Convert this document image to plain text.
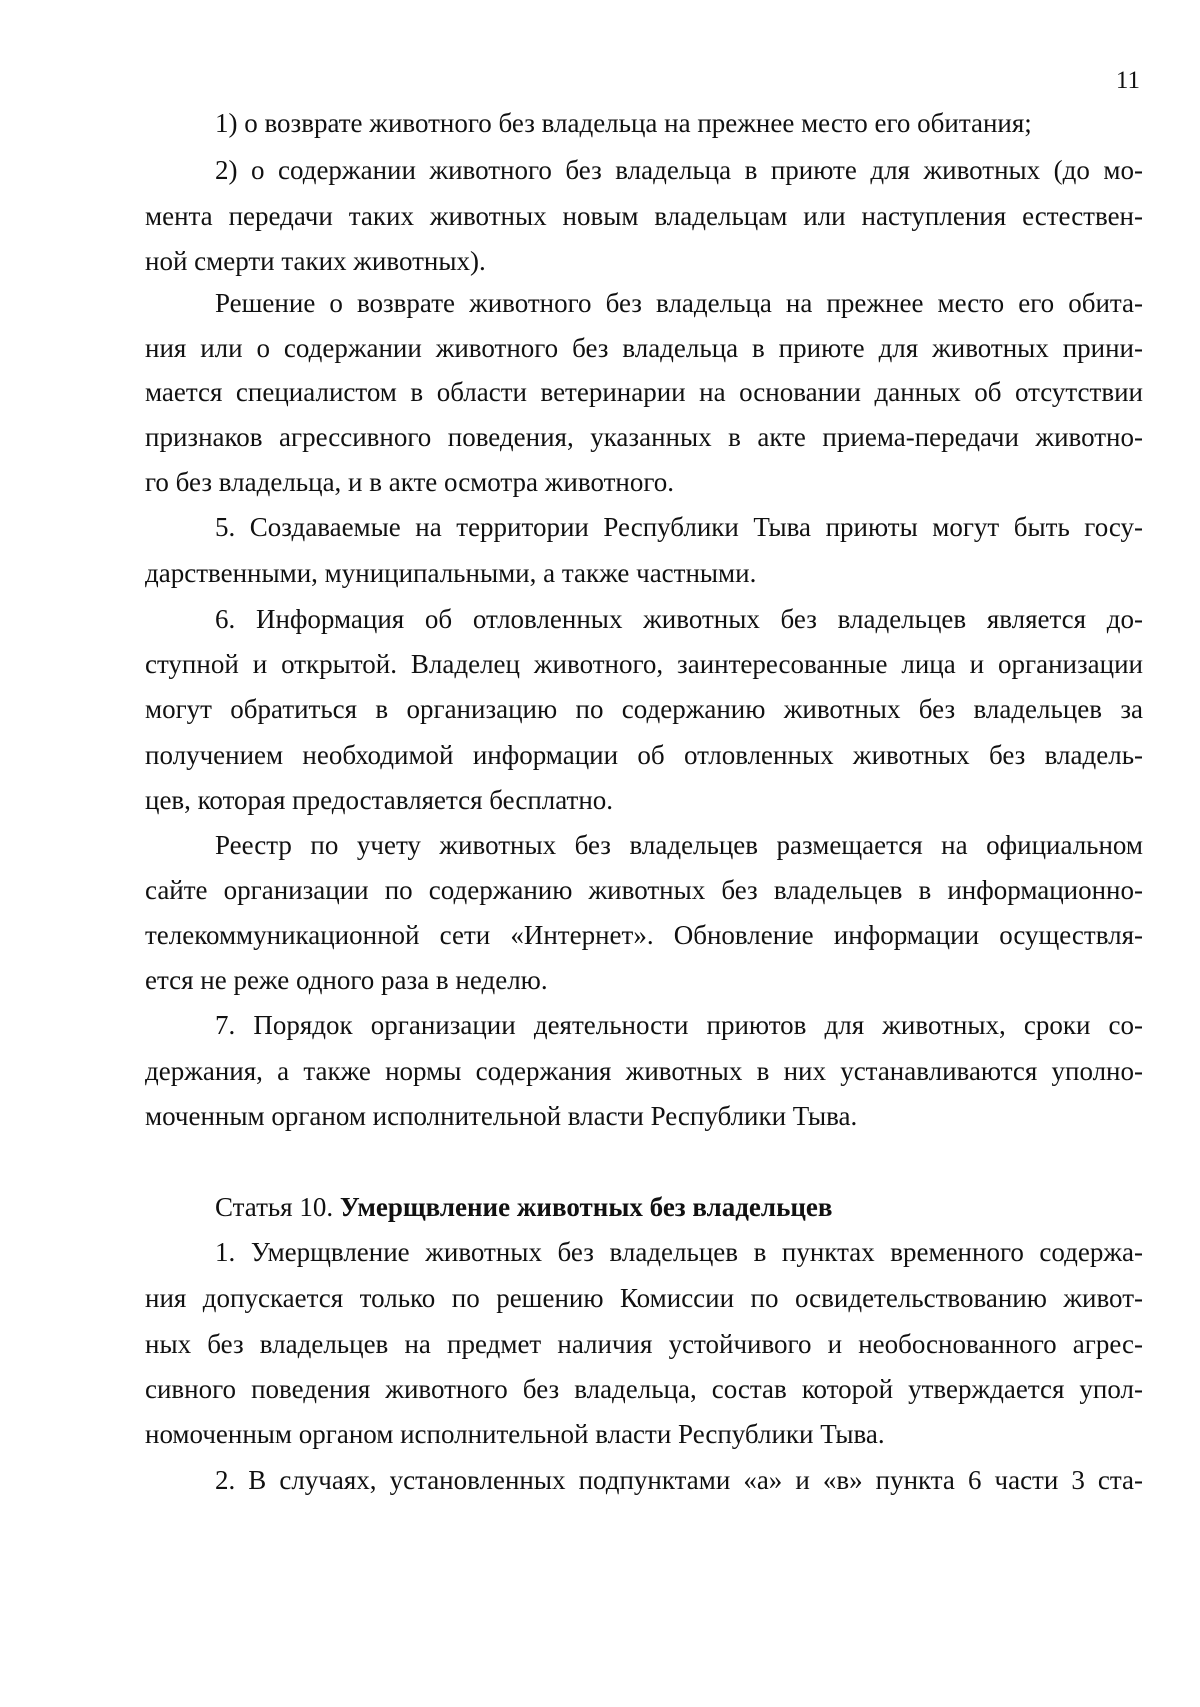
11
1) о возврате животного без владельца на прежнее место его обитания;
2) о содержании животного без владельца в приюте для животных (до мо-
мента передачи таких животных новым владельцам или наступления естествен-
ной смерти таких животных).
Решение о возврате животного без владельца на прежнее место его обита-
ния или о содержании животного без владельца в приюте для животных прини-
мается специалистом в области ветеринарии на основании данных об отсутствии
признаков агрессивного поведения, указанных в акте приема-передачи животно-
го без владельца, и в акте осмотра животного.
5. Создаваемые на территории Республики Тыва приюты могут быть госу-
дарственными, муниципальными, а также частными.
6. Информация об отловленных животных без владельцев является до-
ступной и открытой. Владелец животного, заинтересованные лица и организации
могут обратиться в организацию по содержанию животных без владельцев за
получением необходимой информации об отловленных животных без владель-
цев, которая предоставляется бесплатно.
Реестр по учету животных без владельцев размещается на официальном
сайте организации по содержанию животных без владельцев в информационно-
телекоммуникационной сети «Интернет». Обновление информации осуществля-
ется не реже одного раза в неделю.
7. Порядок организации деятельности приютов для животных, сроки со-
держания, а также нормы содержания животных в них устанавливаются уполно-
моченным органом исполнительной власти Республики Тыва.
Статья 10. Умерщвление животных без владельцев
1. Умерщвление животных без владельцев в пунктах временного содержа-
ния допускается только по решению Комиссии по освидетельствованию живот-
ных без владельцев на предмет наличия устойчивого и необоснованного агрес-
сивного поведения животного без владельца, состав которой утверждается упол-
номоченным органом исполнительной власти Республики Тыва.
2. В случаях, установленных подпунктами «а» и «в» пункта 6 части 3 ста-
